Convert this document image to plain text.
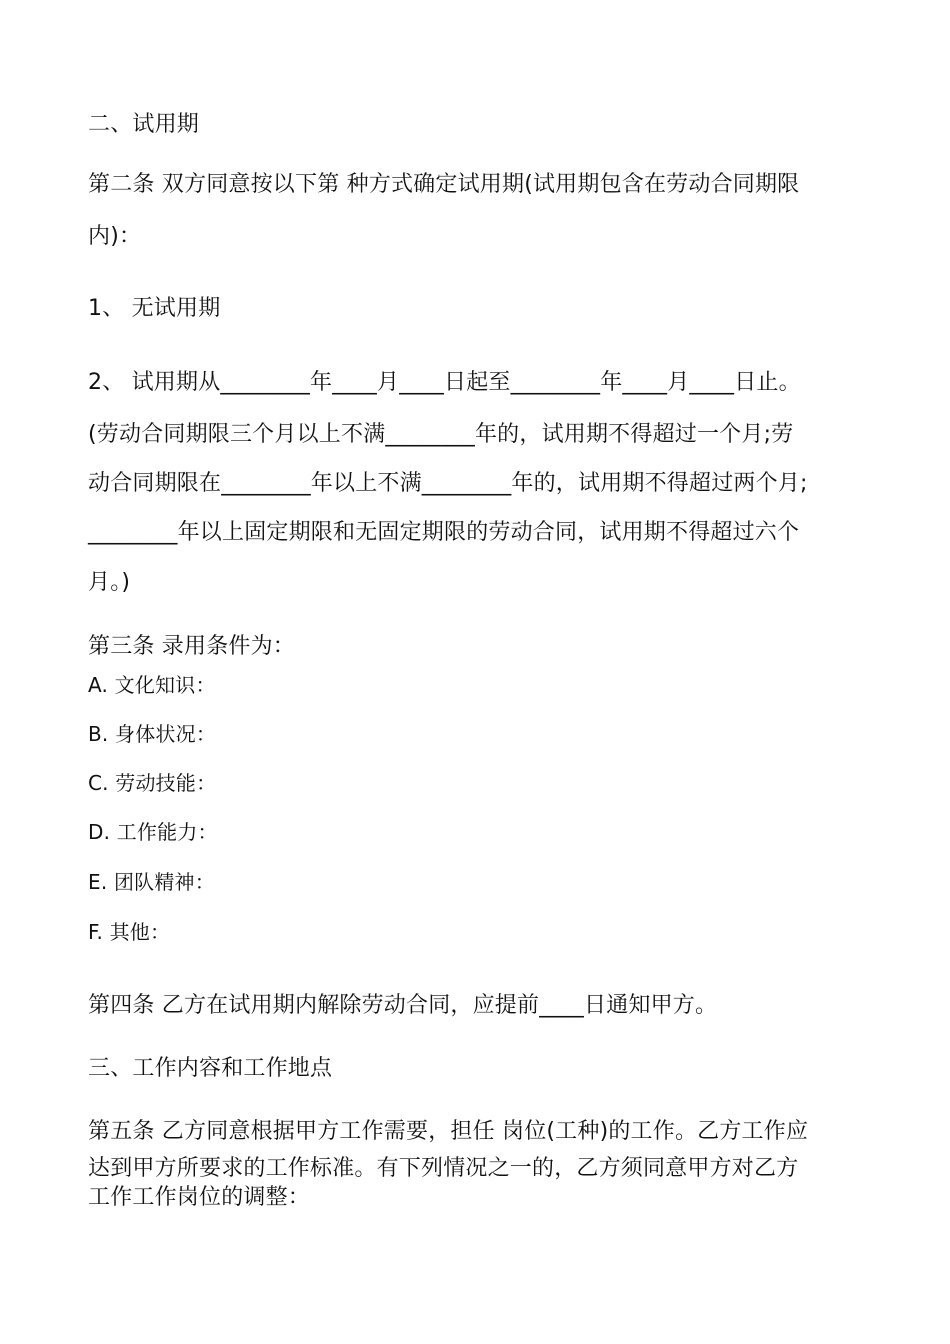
二、试用期
第二条 双方同意按以下第 种方式确定试用期(试用期包含在劳动合同期限
内)：
1、 无试用期
2、 试用期从________年____月____日起至________年____月____日止。
(劳动合同期限三个月以上不满________年的，试用期不得超过一个月;劳
动合同期限在________年以上不满________年的，试用期不得超过两个月;
________年以上固定期限和无固定期限的劳动合同，试用期不得超过六个
月。)
第三条 录用条件为：
A. 文化知识：
B. 身体状况：
C. 劳动技能：
D. 工作能力：
E. 团队精神：
F. 其他：
第四条 乙方在试用期内解除劳动合同，应提前____日通知甲方。
三、工作内容和工作地点
第五条 乙方同意根据甲方工作需要，担任 岗位(工种)的工作。乙方工作应
达到甲方所要求的工作标准。有下列情况之一的，乙方须同意甲方对乙方
工作工作岗位的调整：
